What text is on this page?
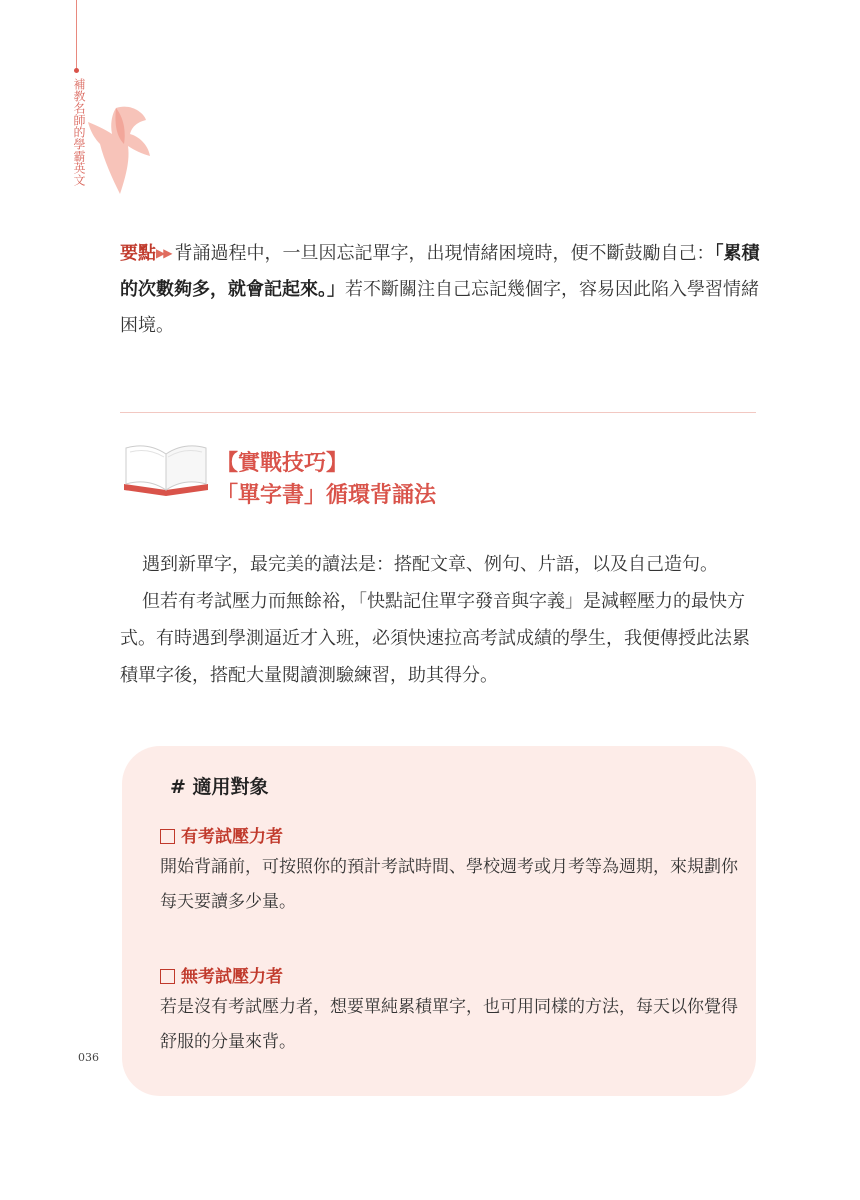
補教名師的學霸英文
要點▶▶ 背誦過程中，一旦因忘記單字，出現情緒困境時，便不斷鼓勵自己：「累積的次數夠多，就會記起來。」若不斷關注自己忘記幾個字，容易因此陷入學習情緒困境。
【實戰技巧】
「單字書」循環背誦法

遇到新單字，最完美的讀法是：搭配文章、例句、片語，以及自己造句。

但若有考試壓力而無餘裕，「快點記住單字發音與字義」是減輕壓力的最快方式。有時遇到學測逼近才入班，必須快速拉高考試成績的學生，我便傳授此法累積單字後，搭配大量閱讀測驗練習，助其得分。

# 適用對象
有考試壓力者
開始背誦前，可按照你的預計考試時間、學校週考或月考等為週期，來規劃你每天要讀多少量。
無考試壓力者
若是沒有考試壓力者，想要單純累積單字，也可用同樣的方法，每天以你覺得舒服的分量來背。
036
